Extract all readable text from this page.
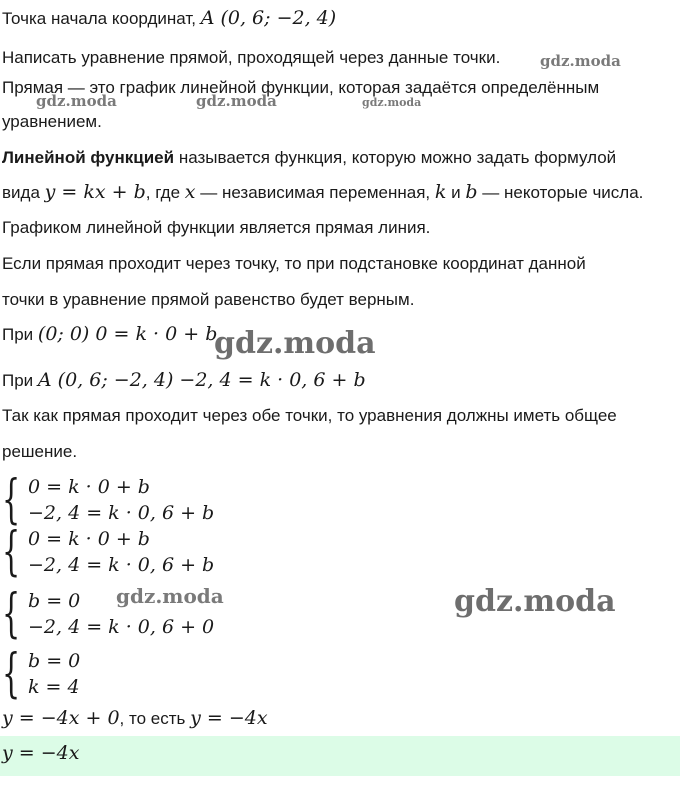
Точка начала координат, A (0, 6; −2, 4)
Написать уравнение прямой, проходящей через данные точки.
Прямая — это график линейной функции, которая задаётся определённым
уравнением.
Линейной функцией называется функция, которую можно задать формулой
вида y = kx + b, где x — независимая переменная, k и b — некоторые числа.
Графиком линейной функции является прямая линия.
Если прямая проходит через точку, то при подстановке координат данной
точки в уравнение прямой равенство будет верным.
При (0; 0) 0 = k · 0 + b.
При A (0, 6; −2, 4) −2, 4 = k · 0, 6 + b
Так как прямая проходит через обе точки, то уравнения должны иметь общее
решение.
{ 0 = k · 0 + b
−2, 4 = k · 0, 6 + b
{ 0 = k · 0 + b
−2, 4 = k · 0, 6 + b
{ b = 0
−2, 4 = k · 0, 6 + 0
{ b = 0
k = 4
y = −4x + 0, то есть y = −4x
y = −4x
gdz.moda
gdz.moda	gdz.moda	gdz.moda
gdz.moda
gdz.moda	gdz.moda
